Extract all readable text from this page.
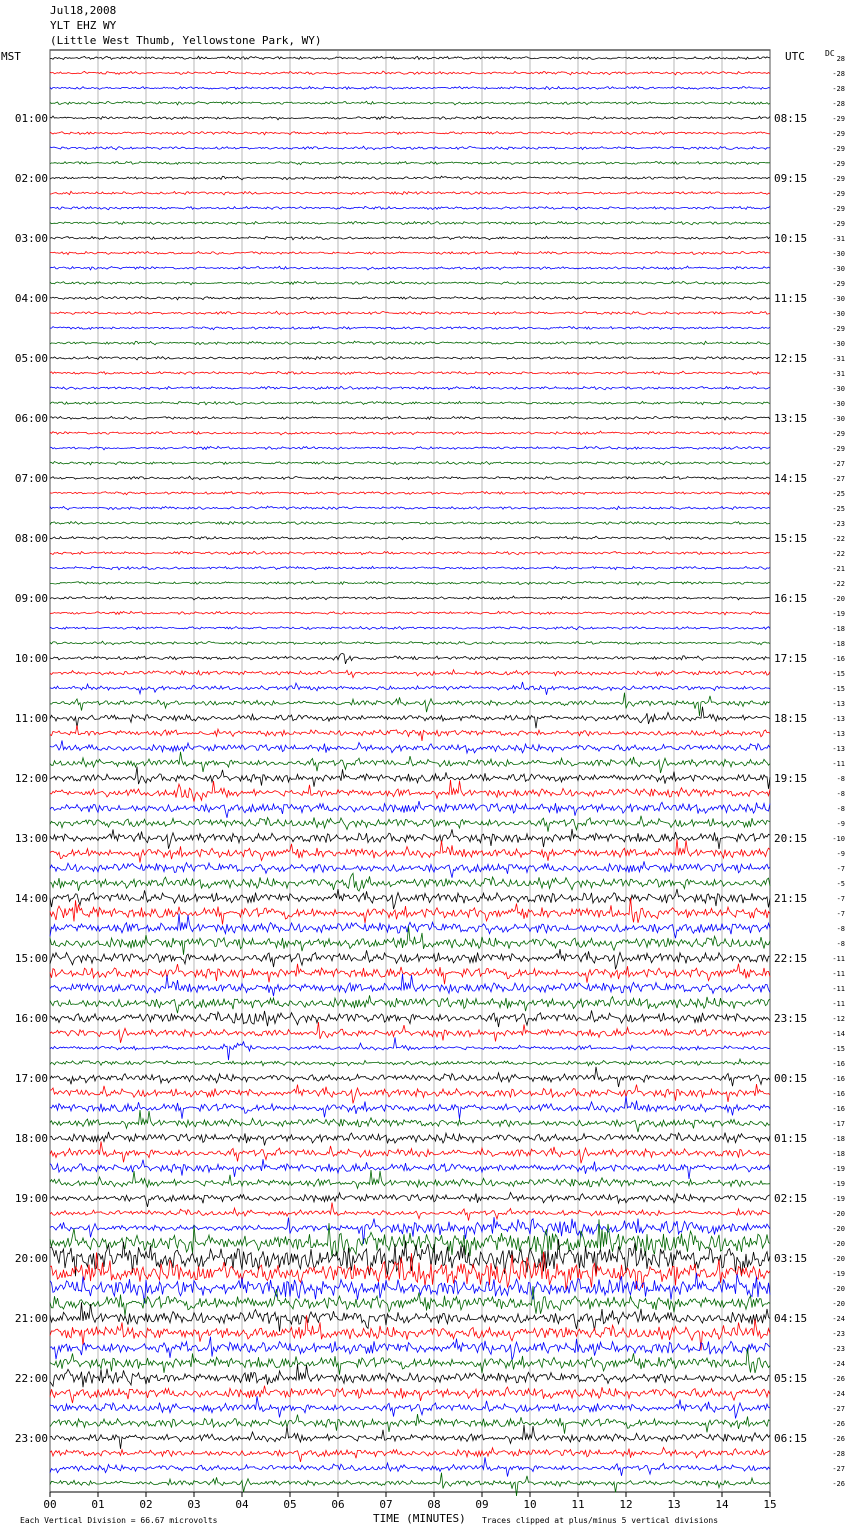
Jul18,2008
YLT EHZ WY
(Little West Thumb, Yellowstone Park, WY)
MST	UTC	DC
00	01	02	03	04	05	06	07	08	09	10	11	12	13	14	15
28
-28
-28
-28
-29
-29
-29
-29
-29
-29
-29
-29
-31
-30
-30
-29
-30
-30
-29
-30
-31
-31
-30
-30
-30
-29
-29
-27
-27
-25
-25
-23
-22
-22
-21
-22
-20
-19
-18
-18
-16
-15
-15
-13
-13
-13
-13
-11
-8
-8
-8
-9
-10
-9
-7
-5
-7
-7
-8
-8
-11
-11
-11
-11
-12
-14
-15
-16
-16
-16
-16
-17
-18
-18
-19
-19
-19
-20
-20
-20
-20
-19
-20
-20
-24
-23
-23
-24
-26
-24
-27
-26
-26
-28
-27
-26
01:00	08:15
02:00	09:15
03:00	10:15
04:00	11:15
05:00	12:15
06:00	13:15
07:00	14:15
08:00	15:15
09:00	16:15
10:00	17:15
11:00	18:15
12:00	19:15
13:00	20:15
14:00	21:15
15:00	22:15
16:00	23:15
17:00	00:15
18:00	01:15
19:00	02:15
20:00	03:15
21:00	04:15
22:00	05:15
23:00	06:15
Each Vertical Division = 66.67 microvolts	TIME (MINUTES) Traces clipped at plus/minus 5 vertical divisions
